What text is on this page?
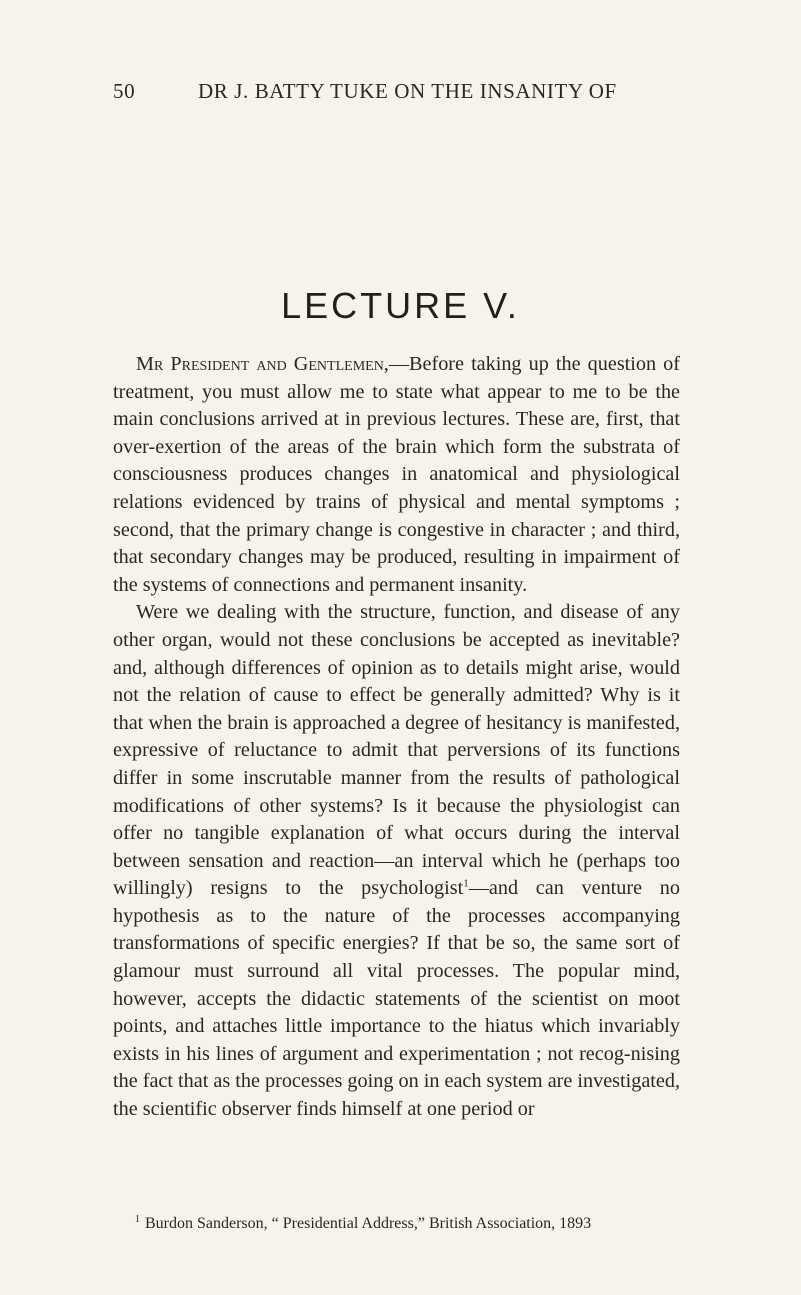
50	DR J. BATTY TUKE ON THE INSANITY OF
LECTURE V.

Mr President and Gentlemen,—Before taking up the question of treatment, you must allow me to state what appear to me to be the main conclusions arrived at in previous lectures. These are, first, that over-exertion of the areas of the brain which form the substrata of consciousness produces changes in anatomical and physiological relations evidenced by trains of physical and mental symptoms ; second, that the primary change is congestive in character ; and third, that secondary changes may be produced, resulting in impairment of the systems of connections and permanent insanity.

Were we dealing with the structure, function, and disease of any other organ, would not these conclusions be accepted as inevitable? and, although differences of opinion as to details might arise, would not the relation of cause to effect be generally admitted? Why is it that when the brain is approached a degree of hesitancy is manifested, expressive of reluctance to admit that perversions of its functions differ in some inscrutable manner from the results of pathological modifications of other systems? Is it because the physiologist can offer no tangible explanation of what occurs during the interval between sensation and reaction—an interval which he (perhaps too willingly) resigns to the psychologist$^1$—and can venture no hypothesis as to the nature of the processes accompanying transformations of specific energies? If that be so, the same sort of glamour must surround all vital processes. The popular mind, however, accepts the didactic statements of the scientist on moot points, and attaches little importance to the hiatus which invariably exists in his lines of argument and experimentation ; not recog-nising the fact that as the processes going on in each system are investigated, the scientific observer finds himself at one period or

$^1$ Burdon Sanderson, “ Presidential Address,” British Association, 1893
